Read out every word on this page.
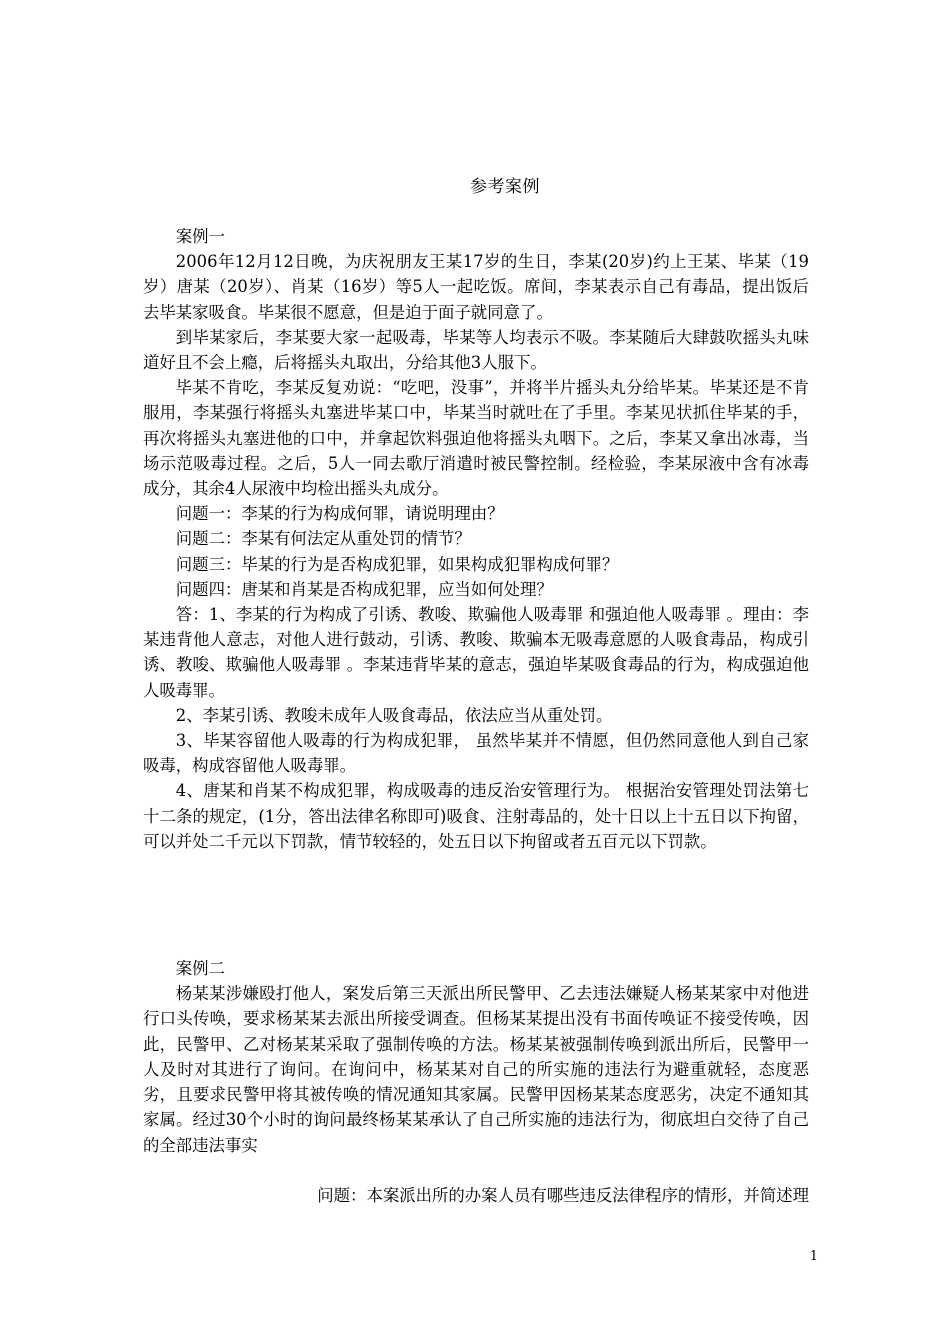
参考案例

案例一

2006年12月12日晚，为庆祝朋友王某17岁的生日，李某(20岁)约上王某、毕某（19岁）唐某（20岁）、肖某（16岁）等5人一起吃饭。席间，李某表示自己有毒品，提出饭后去毕某家吸食。毕某很不愿意，但是迫于面子就同意了。

到毕某家后，李某要大家一起吸毒，毕某等人均表示不吸。李某随后大肆鼓吹摇头丸味道好且不会上瘾，后将摇头丸取出，分给其他3人服下。

毕某不肯吃，李某反复劝说：“吃吧，没事”，并将半片摇头丸分给毕某。毕某还是不肯服用，李某强行将摇头丸塞进毕某口中，毕某当时就吐在了手里。李某见状抓住毕某的手，再次将摇头丸塞进他的口中，并拿起饮料强迫他将摇头丸咽下。之后，李某又拿出冰毒，当场示范吸毒过程。之后，5人一同去歌厅消遣时被民警控制。经检验，李某尿液中含有冰毒成分，其余4人尿液中均检出摇头丸成分。

问题一：李某的行为构成何罪，请说明理由？

问题二：李某有何法定从重处罚的情节？

问题三：毕某的行为是否构成犯罪，如果构成犯罪构成何罪？

问题四：唐某和肖某是否构成犯罪，应当如何处理？

答：1、李某的行为构成了引诱、教唆、欺骗他人吸毒罪 和强迫他人吸毒罪 。理由：李某违背他人意志，对他人进行鼓动，引诱、教唆、欺骗本无吸毒意愿的人吸食毒品，构成引诱、教唆、欺骗他人吸毒罪 。李某违背毕某的意志，强迫毕某吸食毒品的行为，构成强迫他人吸毒罪。

2、李某引诱、教唆未成年人吸食毒品，依法应当从重处罚。

3、毕某容留他人吸毒的行为构成犯罪， 虽然毕某并不情愿，但仍然同意他人到自己家吸毒，构成容留他人吸毒罪。

4、唐某和肖某不构成犯罪，构成吸毒的违反治安管理行为。 根据治安管理处罚法第七十二条的规定，(1分，答出法律名称即可)吸食、注射毒品的，处十日以上十五日以下拘留，可以并处二千元以下罚款，情节较轻的，处五日以下拘留或者五百元以下罚款。

案例二

杨某某涉嫌殴打他人，案发后第三天派出所民警甲、乙去违法嫌疑人杨某某家中对他进行口头传唤，要求杨某某去派出所接受调查。但杨某某提出没有书面传唤证不接受传唤，因此，民警甲、乙对杨某某采取了强制传唤的方法。杨某某被强制传唤到派出所后，民警甲一人及时对其进行了询问。在询问中，杨某某对自己的所实施的违法行为避重就轻，态度恶劣，且要求民警甲将其被传唤的情况通知其家属。民警甲因杨某某态度恶劣，决定不通知其家属。经过30个小时的询问最终杨某某承认了自己所实施的违法行为，彻底坦白交待了自己的全部违法事实

问题：本案派出所的办案人员有哪些违反法律程序的情形，并简述理

1
